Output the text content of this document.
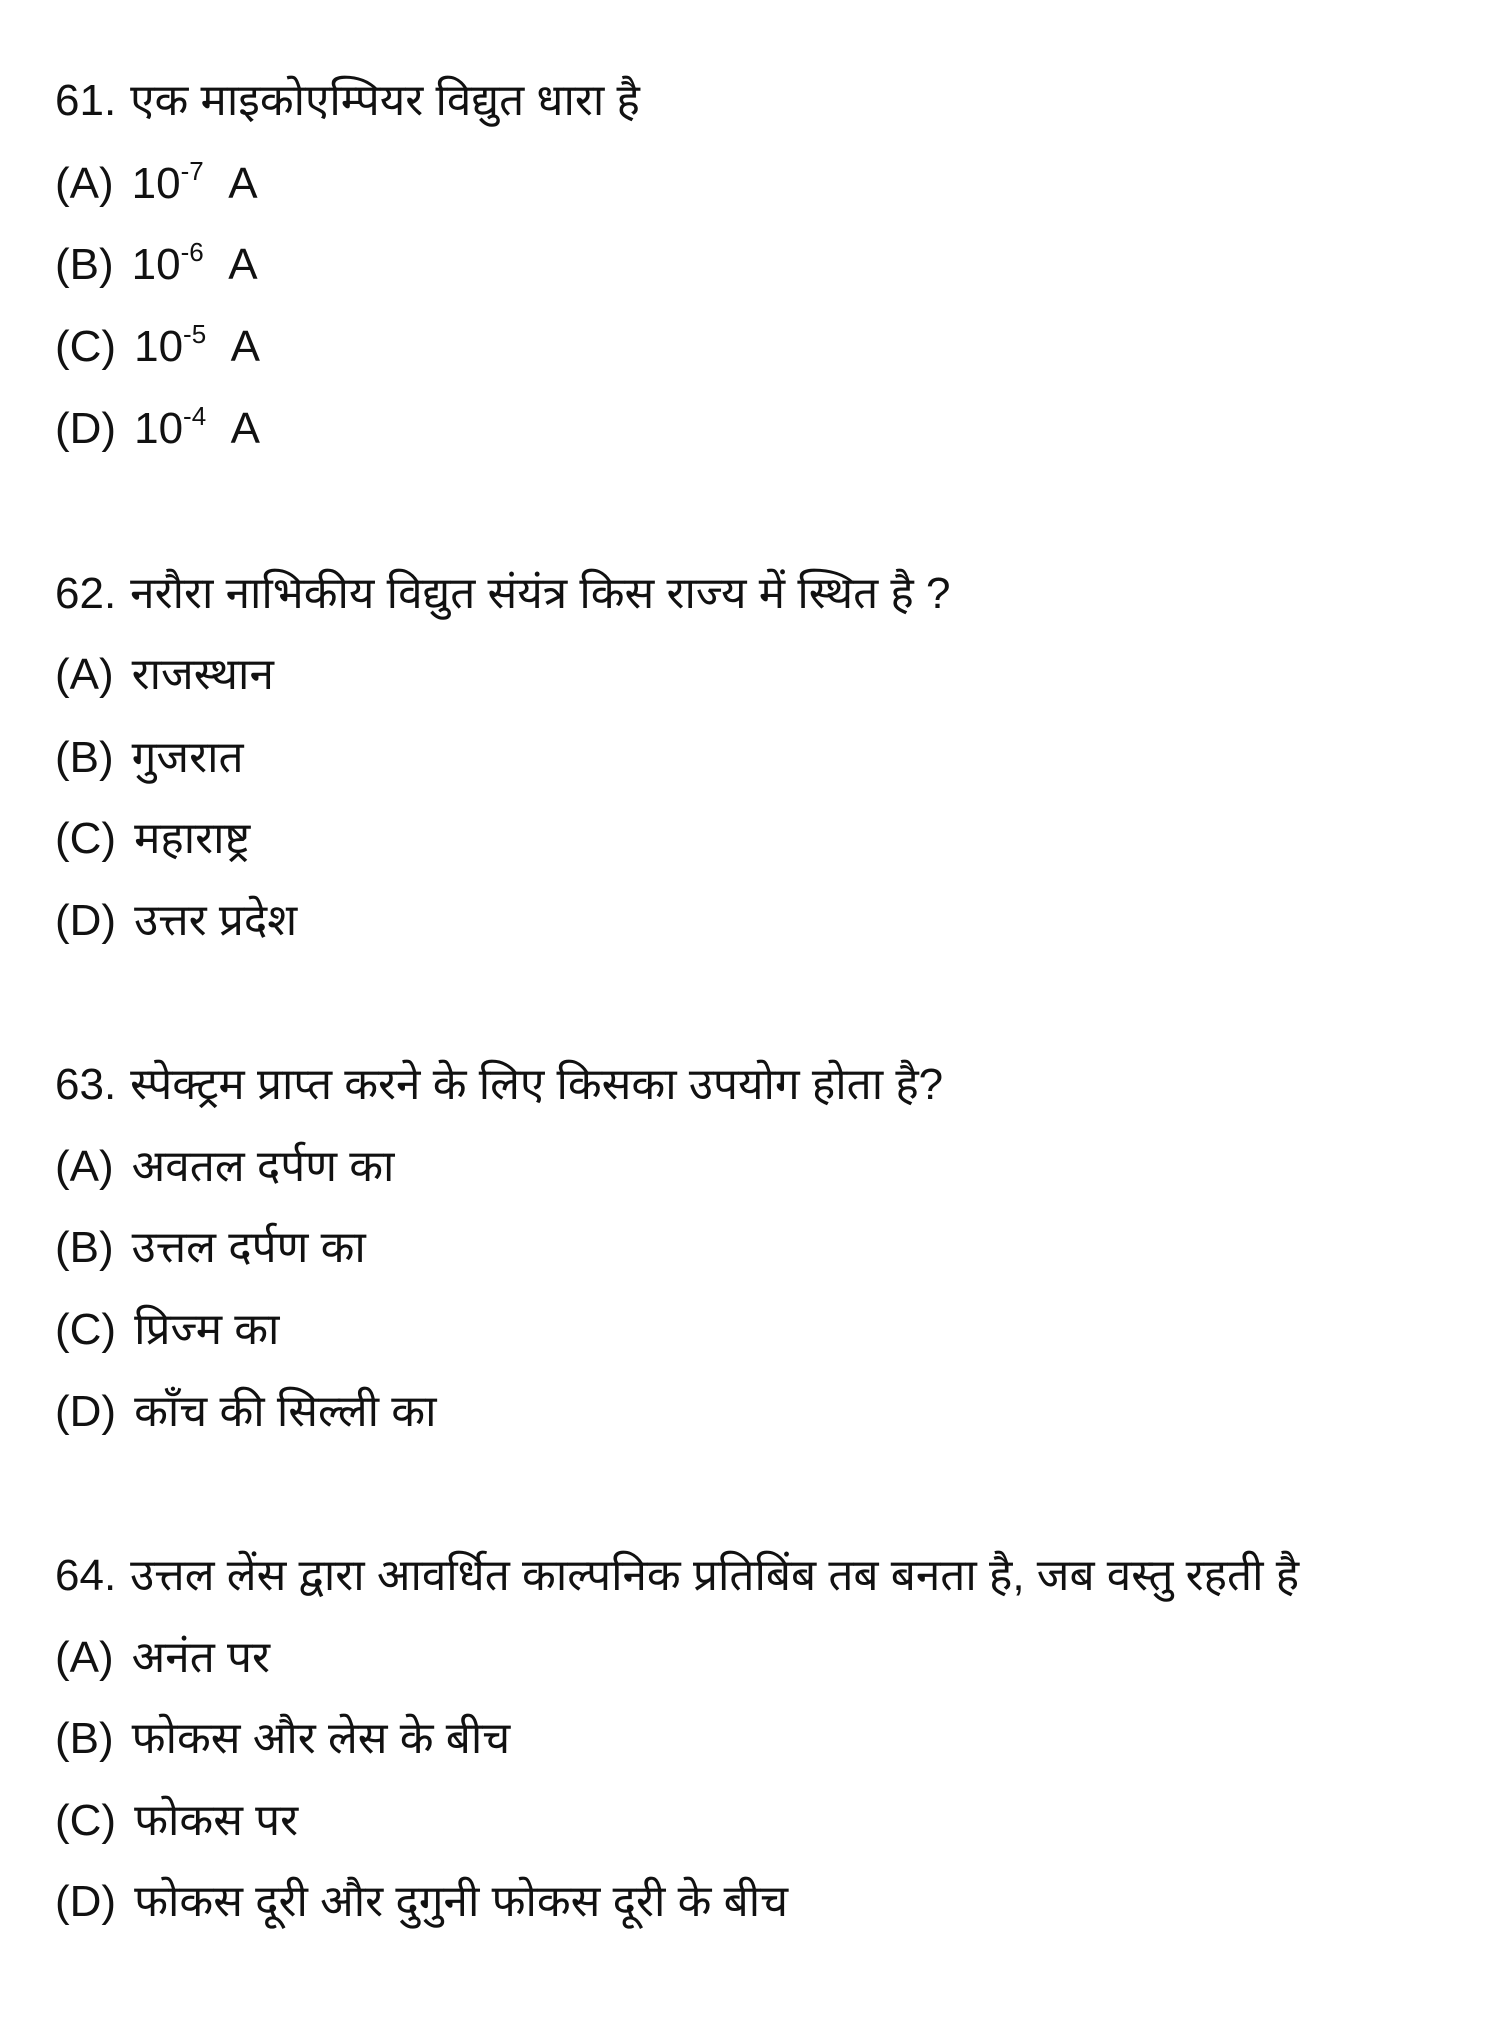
61. एक माइकोएम्पियर विद्युत धारा है
(A) $10^{-7}$ A
(B) $10^{-6}$ A
(C) $10^{-5}$ A
(D) $10^{-4}$ A
62. नरौरा नाभिकीय विद्युत संयंत्र किस राज्य में स्थित है ?
(A) राजस्थान
(B) गुजरात
(C) महाराष्ट्र
(D) उत्तर प्रदेश
63. स्पेक्ट्रम प्राप्त करने के लिए किसका उपयोग होता है?
(A) अवतल दर्पण का
(B) उत्तल दर्पण का
(C) प्रिज्म का
(D) काँच की सिल्ली का
64. उत्तल लेंस द्वारा आवर्धित काल्पनिक प्रतिबिंब तब बनता है, जब वस्तु रहती है
(A) अनंत पर
(B) फोकस और लेस के बीच
(C) फोकस पर
(D) फोकस दूरी और दुगुनी फोकस दूरी के बीच
